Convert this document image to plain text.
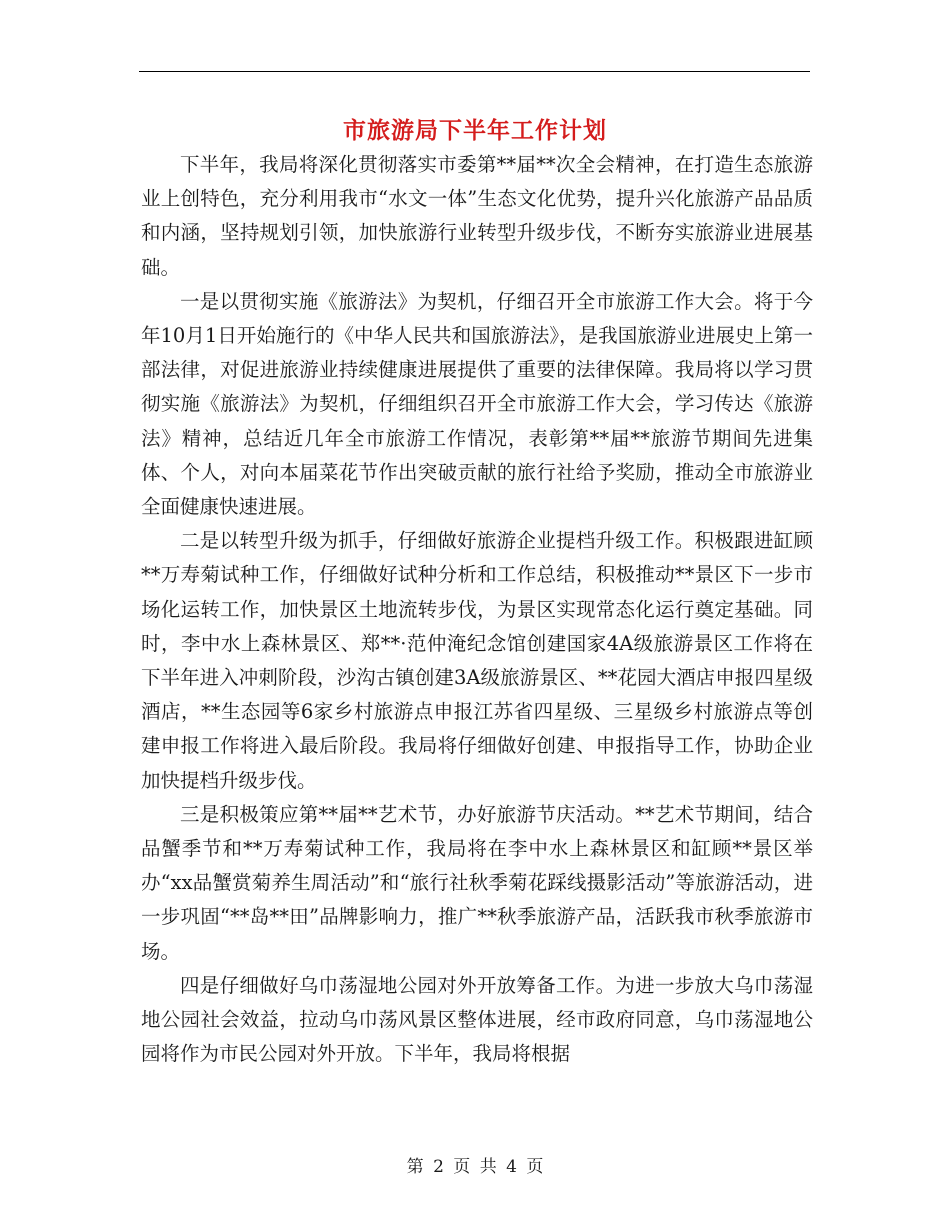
市旅游局下半年工作计划

下半年，我局将深化贯彻落实市委第**届**次全会精神，在打造生态旅游业上创特色，充分利用我市“水文一体”生态文化优势，提升兴化旅游产品品质和内涵，坚持规划引领，加快旅游行业转型升级步伐，不断夯实旅游业进展基础。

一是以贯彻实施《旅游法》为契机，仔细召开全市旅游工作大会。将于今年10月1日开始施行的《中华人民共和国旅游法》，是我国旅游业进展史上第一部法律，对促进旅游业持续健康进展提供了重要的法律保障。我局将以学习贯彻实施《旅游法》为契机，仔细组织召开全市旅游工作大会，学习传达《旅游法》精神，总结近几年全市旅游工作情况，表彰第**届**旅游节期间先进集体、个人，对向本届菜花节作出突破贡献的旅行社给予奖励，推动全市旅游业全面健康快速进展。

二是以转型升级为抓手，仔细做好旅游企业提档升级工作。积极跟进缸顾**万寿菊试种工作，仔细做好试种分析和工作总结，积极推动**景区下一步市场化运转工作，加快景区土地流转步伐，为景区实现常态化运行奠定基础。同时，李中水上森林景区、郑**·范仲淹纪念馆创建国家4A级旅游景区工作将在下半年进入冲刺阶段，沙沟古镇创建3A级旅游景区、**花园大酒店申报四星级酒店，**生态园等6家乡村旅游点申报江苏省四星级、三星级乡村旅游点等创建申报工作将进入最后阶段。我局将仔细做好创建、申报指导工作，协助企业加快提档升级步伐。

三是积极策应第**届**艺术节，办好旅游节庆活动。**艺术节期间，结合品蟹季节和**万寿菊试种工作，我局将在李中水上森林景区和缸顾**景区举办“xx品蟹赏菊养生周活动”和“旅行社秋季菊花踩线摄影活动”等旅游活动，进一步巩固“**岛**田”品牌影响力，推广**秋季旅游产品，活跃我市秋季旅游市场。

四是仔细做好乌巾荡湿地公园对外开放筹备工作。为进一步放大乌巾荡湿地公园社会效益，拉动乌巾荡风景区整体进展，经市政府同意，乌巾荡湿地公园将作为市民公园对外开放。下半年，我局将根据

第 2 页 共 4 页
